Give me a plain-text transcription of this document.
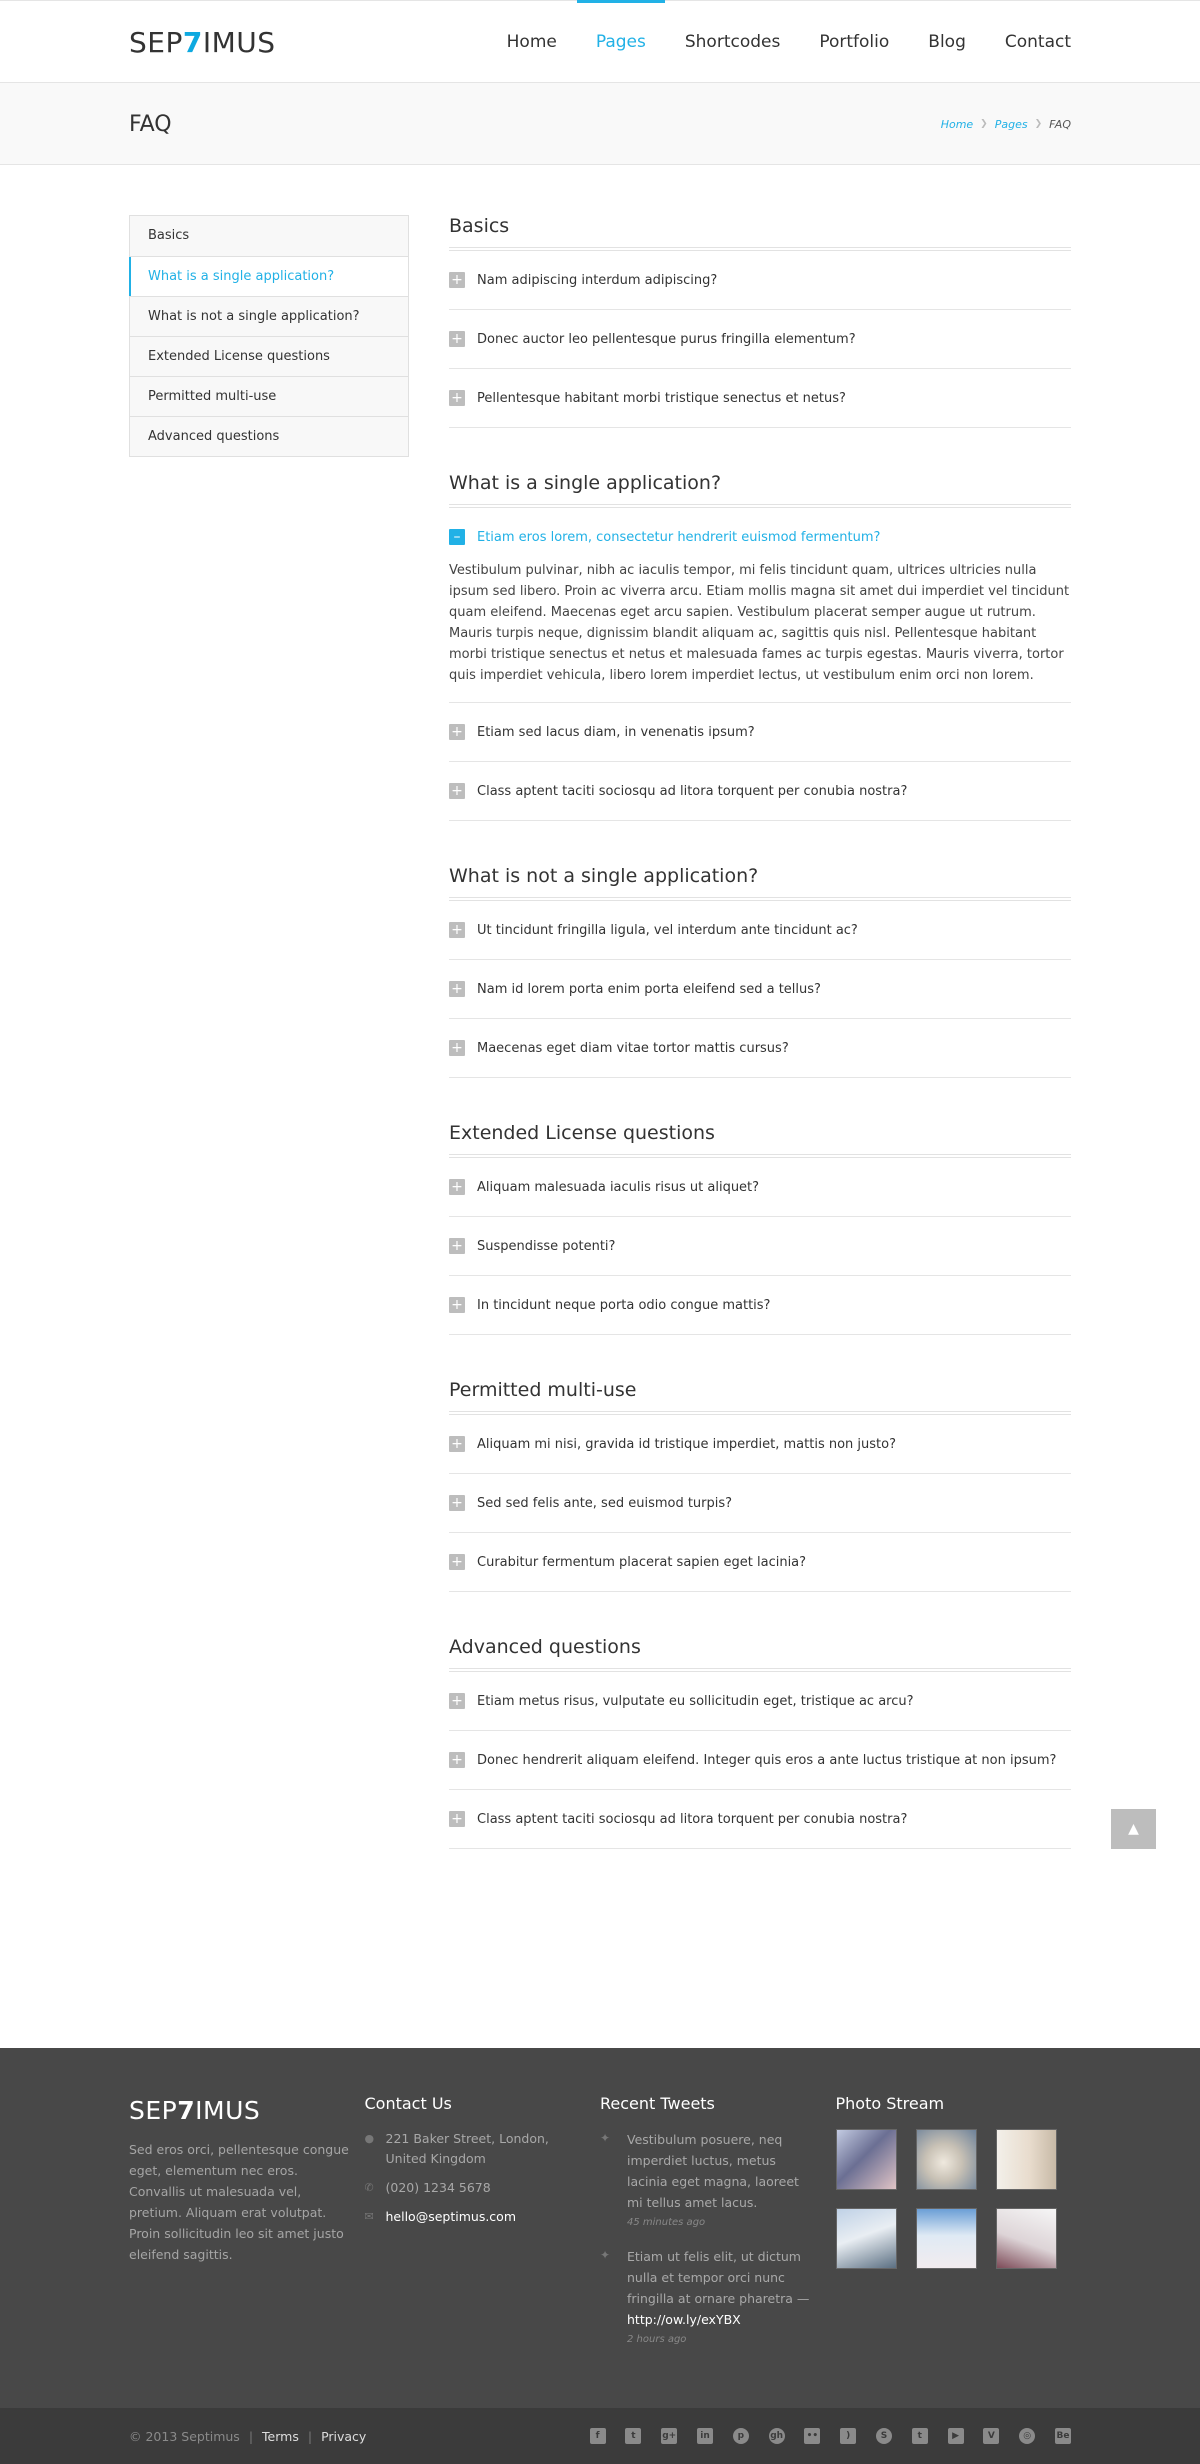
SEP7IMUS	Home Pages Shortcodes Portfolio Blog Contact
FAQ	Home ❯ Pages ❯ FAQ
Basics
What is a single application?
What is not a single application?
Extended License questions
Permitted multi-use
Advanced questions
Basics
+ Nam adipiscing interdum adipiscing?
+ Donec auctor leo pellentesque purus fringilla elementum?
+ Pellentesque habitant morbi tristique senectus et netus?
What is a single application?
–	Etiam eros lorem, consectetur hendrerit euismod fermentum?

Vestibulum pulvinar, nibh ac iaculis tempor, mi felis tincidunt quam, ultrices ultricies nulla ipsum sed libero. Proin ac viverra arcu. Etiam mollis magna sit amet dui imperdiet vel tincidunt quam eleifend. Maecenas eget arcu sapien. Vestibulum placerat semper augue ut rutrum. Mauris turpis neque, dignissim blandit aliquam ac, sagittis quis nisl. Pellentesque habitant morbi tristique senectus et netus et malesuada fames ac turpis egestas. Mauris viverra, tortor quis imperdiet vehicula, libero lorem imperdiet lectus, ut vestibulum enim orci non lorem.

+ Etiam sed lacus diam, in venenatis ipsum?
+ Class aptent taciti sociosqu ad litora torquent per conubia nostra?
What is not a single application?
+ Ut tincidunt fringilla ligula, vel interdum ante tincidunt ac?
+ Nam id lorem porta enim porta eleifend sed a tellus?
+ Maecenas eget diam vitae tortor mattis cursus?
Extended License questions
+ Aliquam malesuada iaculis risus ut aliquet?
+ Suspendisse potenti?
+ In tincidunt neque porta odio congue mattis?
Permitted multi-use
+ Aliquam mi nisi, gravida id tristique imperdiet, mattis non justo?
+ Sed sed felis ante, sed euismod turpis?
+ Curabitur fermentum placerat sapien eget lacinia?
Advanced questions
+ Etiam metus risus, vulputate eu sollicitudin eget, tristique ac arcu?
+ Donec hendrerit aliquam eleifend. Integer quis eros a ante luctus tristique at non ipsum?
+ Class aptent taciti sociosqu ad litora torquent per conubia nostra?
▲
SEP7IMUS

Sed eros orci, pellentesque congue eget, elementum nec eros. Convallis ut malesuada vel, pretium. Aliquam erat volutpat. Proin sollicitudin leo sit amet justo eleifend sagittis.

Contact Us
● 221 Baker Street, London, United Kingdom
✆ (020) 1234 5678
✉ hello@septimus.com
Recent Tweets
✦	Vestibulum posuere, neq imperdiet luctus, metus lacinia eget magna, laoreet mi tellus amet lacus.
45 minutes ago
✦	Etiam ut felis elit, ut dictum nulla et tempor orci nunc fringilla at ornare pharetra — http://ow.ly/exYBX
2 hours ago
Photo Stream
© 2013 Septimus | Terms | Privacy	f	t	g+	in	p	gh	••	)	S	t	▶	V	◎	Be
